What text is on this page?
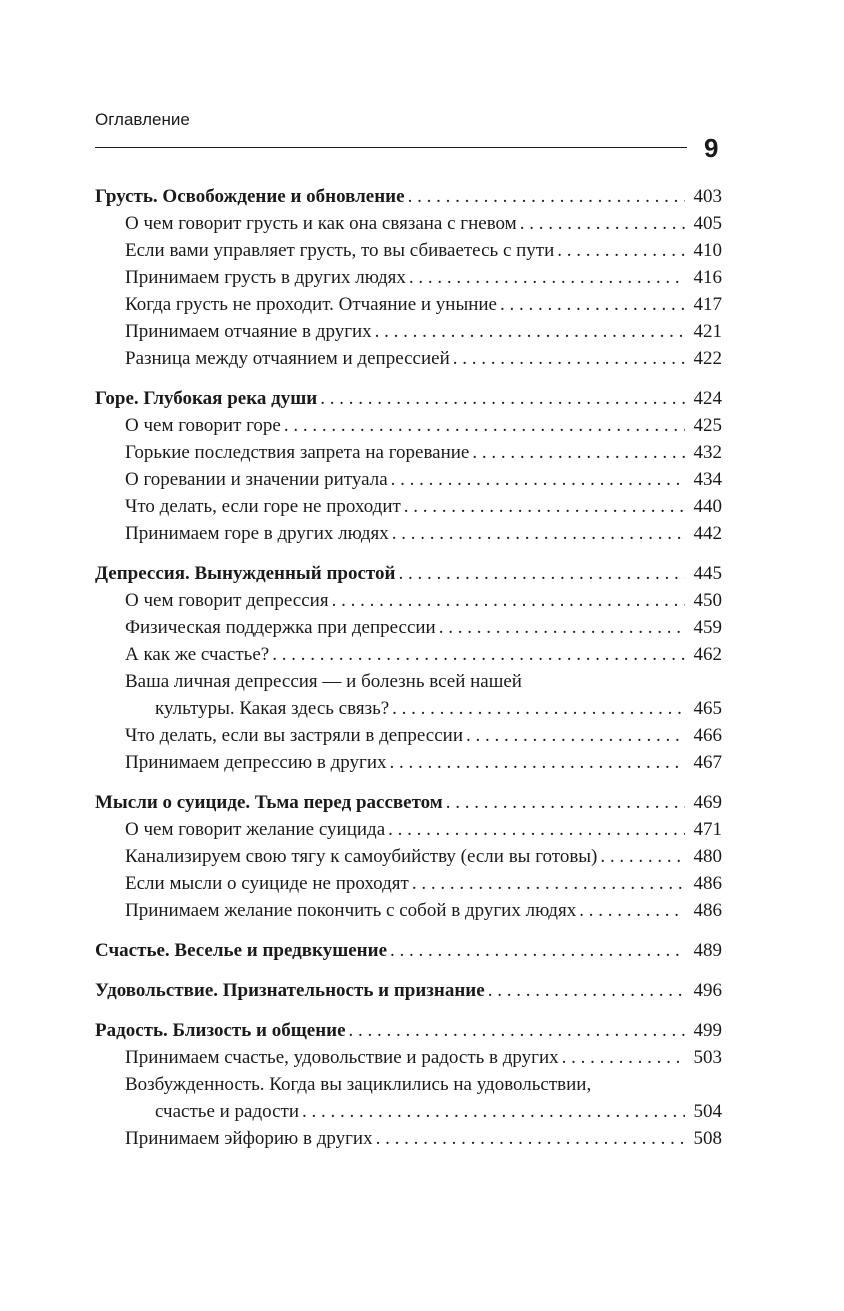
Оглавление
9
Грусть. Освобождение и обновление . . .	403
О чем говорит грусть и как она связана с гневом . . .	405
Если вами управляет грусть, то вы сбиваетесь с пути . . .	410
Принимаем грусть в других людях . . .	416
Когда грусть не проходит. Отчаяние и уныние . . .	417
Принимаем отчаяние в других . . .	421
Разница между отчаянием и депрессией . . .	422
Горе. Глубокая река души . . .	424
О чем говорит горе . . .	425
Горькие последствия запрета на горевание . . .	432
О горевании и значении ритуала . . .	434
Что делать, если горе не проходит . . .	440
Принимаем горе в других людях . . .	442
Депрессия. Вынужденный простой . . .	445
О чем говорит депрессия . . .	450
Физическая поддержка при депрессии . . .	459
А как же счастье? . . .	462
Ваша личная депрессия — и болезнь всей нашей
культуры. Какая здесь связь? . . .	465
Что делать, если вы застряли в депрессии . . .	466
Принимаем депрессию в других . . .	467
Мысли о суициде. Тьма перед рассветом . . .	469
О чем говорит желание суицида . . .	471
Канализируем свою тягу к самоубийству (если вы готовы) . . .	480
Если мысли о суициде не проходят . . .	486
Принимаем желание покончить с собой в других людях . . .	486
Счастье. Веселье и предвкушение . . .	489
Удовольствие. Признательность и признание . . .	496
Радость. Близость и общение . . .	499
Принимаем счастье, удовольствие и радость в других . . .	503
Возбужденность. Когда вы зациклились на удовольствии,
счастье и радости . . .	504
Принимаем эйфорию в других . . .	508
